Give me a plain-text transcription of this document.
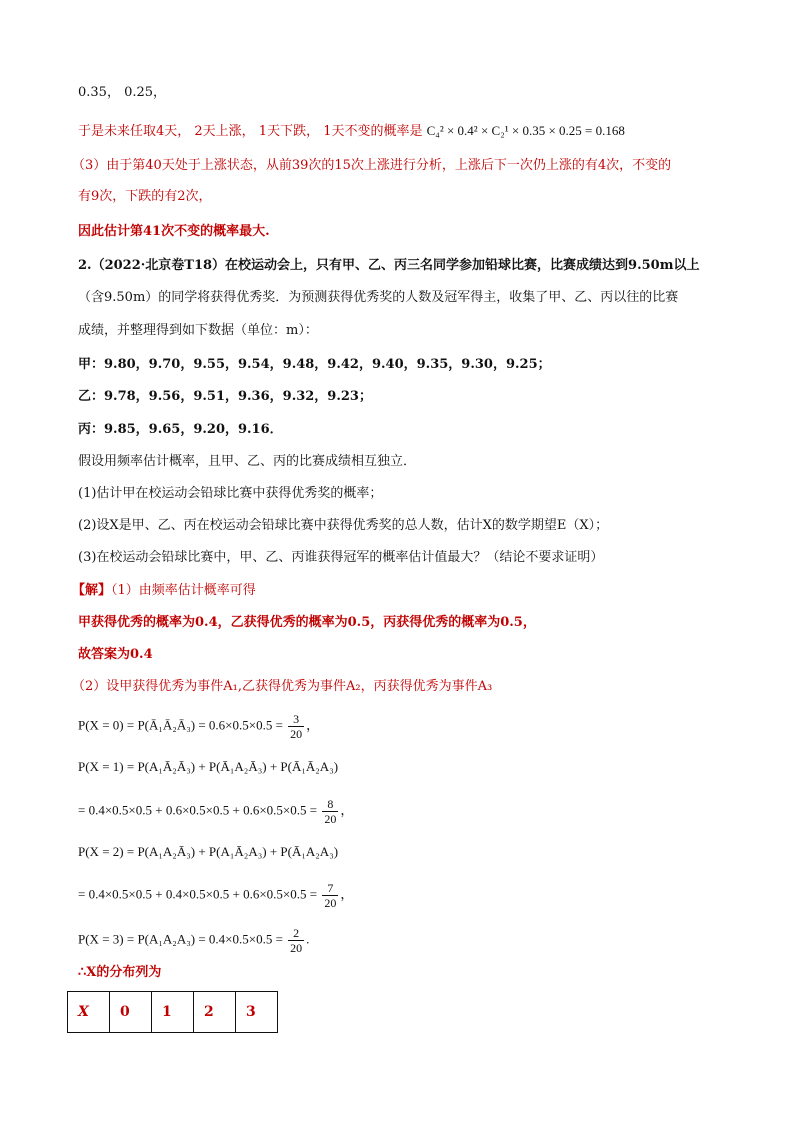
0.35， 0.25，
于是未来任取4天， 2天上涨， 1天下跌， 1天不变的概率是 C₄² × 0.4² × C₂¹ × 0.35 × 0.25 = 0.168
（3）由于第40天处于上涨状态，从前39次的15次上涨进行分析，上涨后下一次仍上涨的有4次，不变的
有9次，下跌的有2次，
因此估计第41次不变的概率最大.
2.（2022·北京卷T18）在校运动会上，只有甲、乙、丙三名同学参加铅球比赛，比赛成绩达到9.50m以上
（含9.50m）的同学将获得优秀奖．为预测获得优秀奖的人数及冠军得主，收集了甲、乙、丙以往的比赛
成绩，并整理得到如下数据（单位：m）：
甲：9.80，9.70，9.55，9.54，9.48，9.42，9.40，9.35，9.30，9.25；
乙：9.78，9.56，9.51，9.36，9.32，9.23；
丙：9.85，9.65，9.20，9.16．
假设用频率估计概率，且甲、乙、丙的比赛成绩相互独立．
(1)估计甲在校运动会铅球比赛中获得优秀奖的概率；
(2)设X是甲、乙、丙在校运动会铅球比赛中获得优秀奖的总人数，估计X的数学期望E（X）；
(3)在校运动会铅球比赛中，甲、乙、丙谁获得冠军的概率估计值最大？（结论不要求证明）
【解】（1）由频率估计概率可得
甲获得优秀的概率为0.4，乙获得优秀的概率为0.5，丙获得优秀的概率为0.5，
故答案为0.4
（2）设甲获得优秀为事件A₁,乙获得优秀为事件A₂，丙获得优秀为事件A₃
P(X = 0) = P(Ā₁Ā₂Ā₃) = $0.6\times 0.5\times 0.5 = \frac{3}{20}$ ，
P(X = 1) = P(A₁Ā₂Ā₃) + P(Ā₁A₂Ā₃) + P(Ā₁Ā₂A₃)
= $0.4\times 0.5\times 0.5 + 0.6\times 0.5\times 0.5 + 0.6\times 0.5\times 0.5 = \frac{8}{20}$ ，
P(X = 2) = P(A₁A₂Ā₃) + P(A₁Ā₂A₃) + P(Ā₁A₂A₃)
= $0.4\times 0.5\times 0.5 + 0.4\times 0.5\times 0.5 + 0.6\times 0.5\times 0.5 = \frac{7}{20}$ ，
$P(X = 3) = P(A_1A_2A_3) = 0.4\times 0.5\times 0.5 = \frac{2}{20}$ .
∴X的分布列为
X	0	1	2	3
